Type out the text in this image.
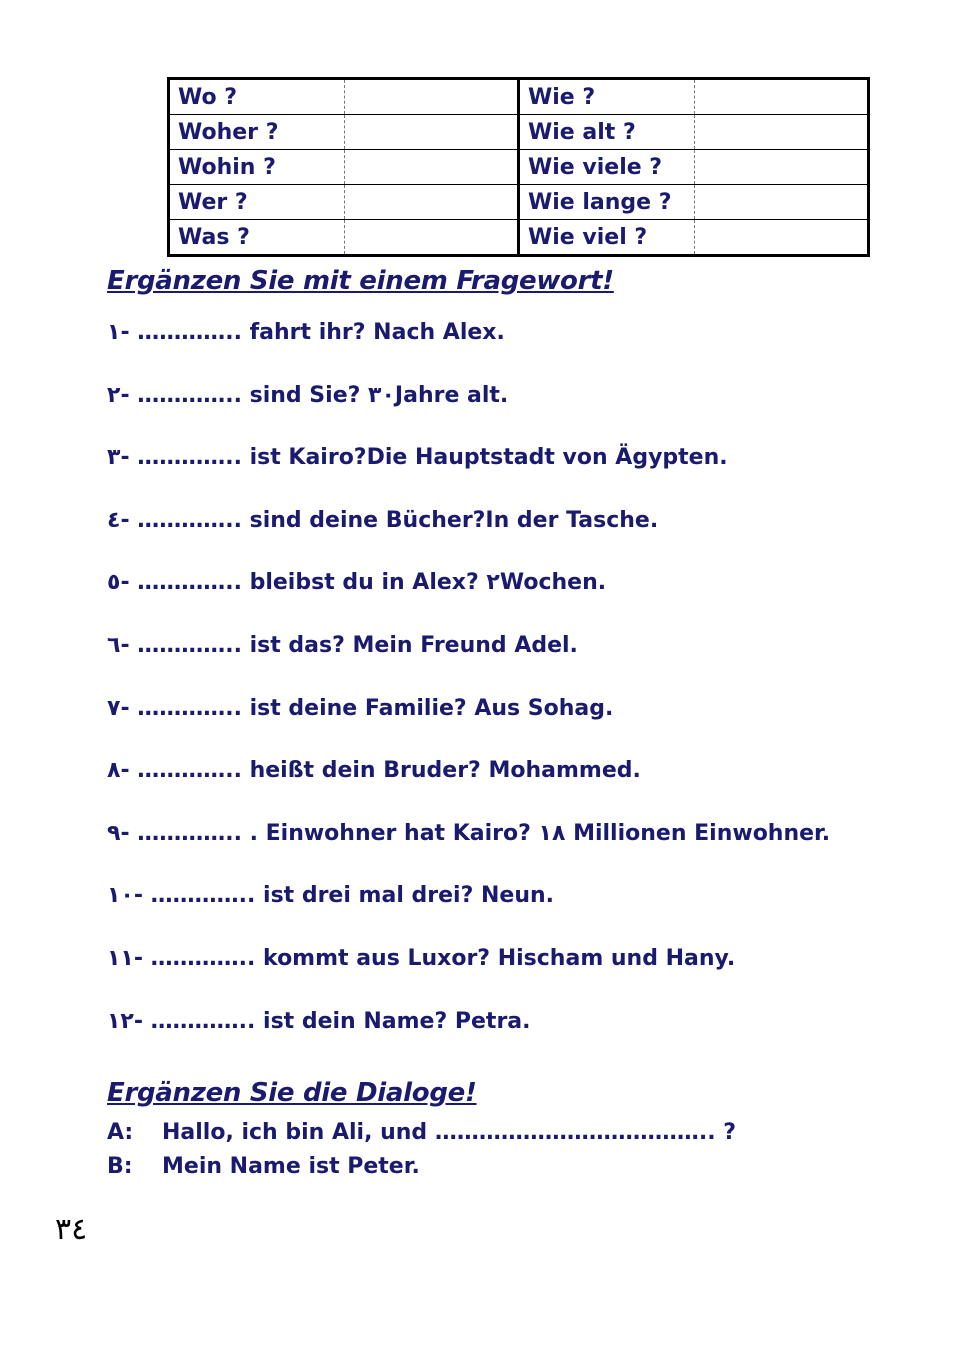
Wo ?		Wie ?	
Woher ?		Wie alt ?	
Wohin ?		Wie viele ?	
Wer ?		Wie lange ?	
Was ?		Wie viel ?	
Ergänzen Sie mit einem Fragewort!
١- ………….. fahrt ihr? Nach Alex.
٢- ………….. sind Sie? ٣٠Jahre alt.
٣- ………….. ist Kairo?Die Hauptstadt von Ägypten.
٤- ………….. sind deine Bücher?In der Tasche.
٥- ………….. bleibst du in Alex? ٢Wochen.
٦- ………….. ist das? Mein Freund Adel.
٧- ………….. ist deine Familie? Aus Sohag.
٨- ………….. heißt dein Bruder? Mohammed.
٩- ………….. . Einwohner hat Kairo? ١٨ Millionen Einwohner.
١٠- ………….. ist drei mal drei? Neun.
١١- ………….. kommt aus Luxor? Hischam und Hany.
١٢- ………….. ist dein Name? Petra.
Ergänzen Sie die Dialoge!
A: Hallo, ich bin Ali, und ……………………………….. ?
B: Mein Name ist Peter.
٣٤
